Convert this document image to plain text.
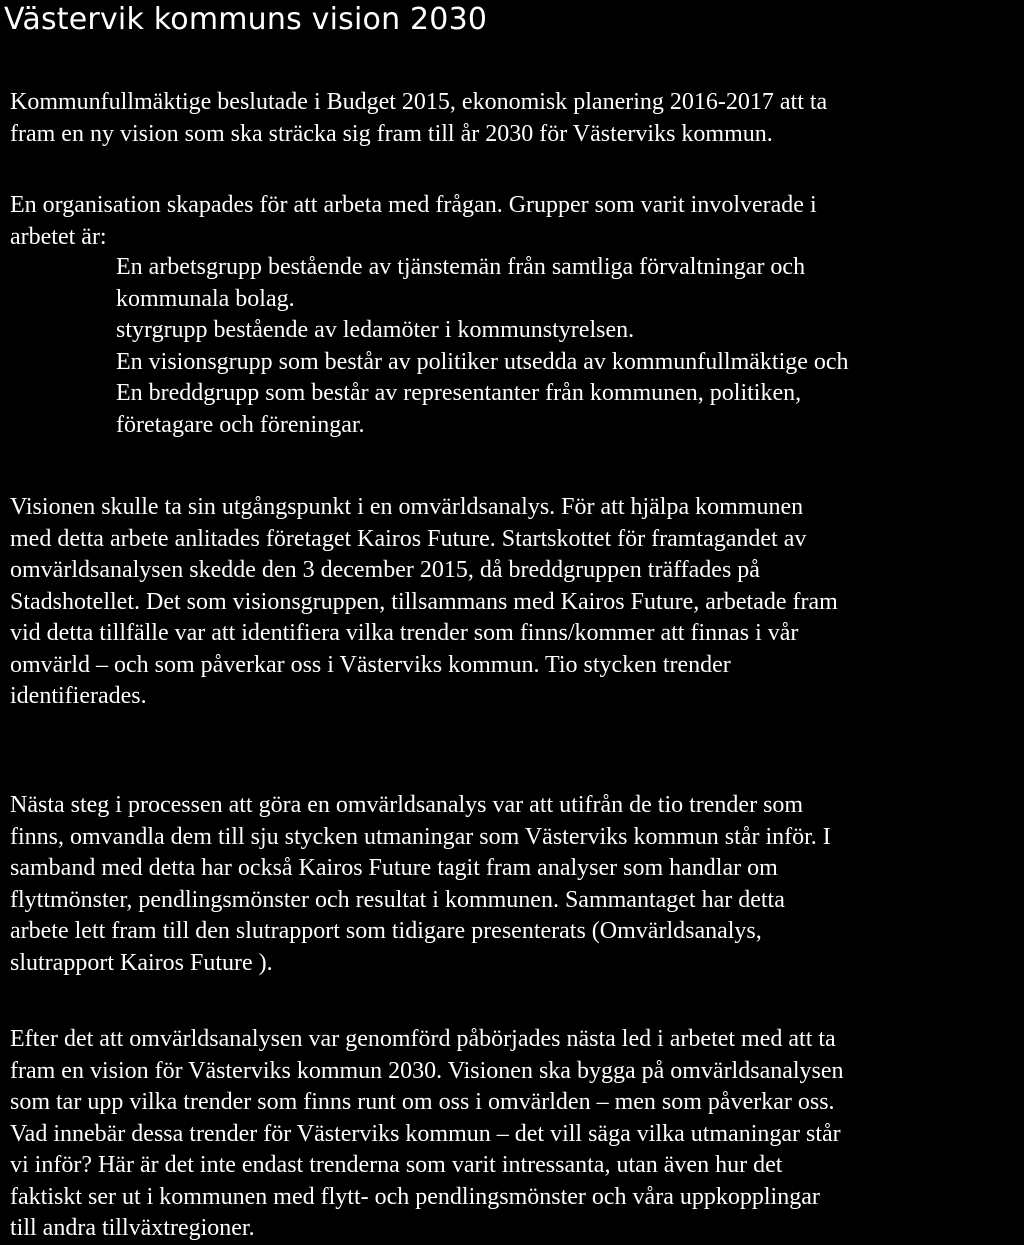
Västervik kommuns vision 2030

Kommunfullmäktige beslutade i Budget 2015, ekonomisk planering 2016-2017 att ta
fram en ny vision som ska sträcka sig fram till år 2030 för Västerviks kommun.

En organisation skapades för att arbeta med frågan. Grupper som varit involverade i
arbetet är:

En arbetsgrupp bestående av tjänstemän från samtliga förvaltningar och
kommunala bolag.
styrgrupp bestående av ledamöter i kommunstyrelsen.
En visionsgrupp som består av politiker utsedda av kommunfullmäktige och
En breddgrupp som består av representanter från kommunen, politiken,
företagare och föreningar.

Visionen skulle ta sin utgångspunkt i en omvärldsanalys. För att hjälpa kommunen
med detta arbete anlitades företaget Kairos Future. Startskottet för framtagandet av
omvärldsanalysen skedde den 3 december 2015, då breddgruppen träffades på
Stadshotellet. Det som visionsgruppen, tillsammans med Kairos Future, arbetade fram
vid detta tillfälle var att identifiera vilka trender som finns/kommer att finnas i vår
omvärld – och som påverkar oss i Västerviks kommun. Tio stycken trender
identifierades.

Nästa steg i processen att göra en omvärldsanalys var att utifrån de tio trender som
finns, omvandla dem till sju stycken utmaningar som Västerviks kommun står inför. I
samband med detta har också Kairos Future tagit fram analyser som handlar om
flyttmönster, pendlingsmönster och resultat i kommunen. Sammantaget har detta
arbete lett fram till den slutrapport som tidigare presenterats (Omvärldsanalys,
slutrapport Kairos Future ).

Efter det att omvärldsanalysen var genomförd påbörjades nästa led i arbetet med att ta
fram en vision för Västerviks kommun 2030. Visionen ska bygga på omvärldsanalysen
som tar upp vilka trender som finns runt om oss i omvärlden – men som påverkar oss.
Vad innebär dessa trender för Västerviks kommun – det vill säga vilka utmaningar står
vi inför? Här är det inte endast trenderna som varit intressanta, utan även hur det
faktiskt ser ut i kommunen med flytt- och pendlingsmönster och våra uppkopplingar
till andra tillväxtregioner.
